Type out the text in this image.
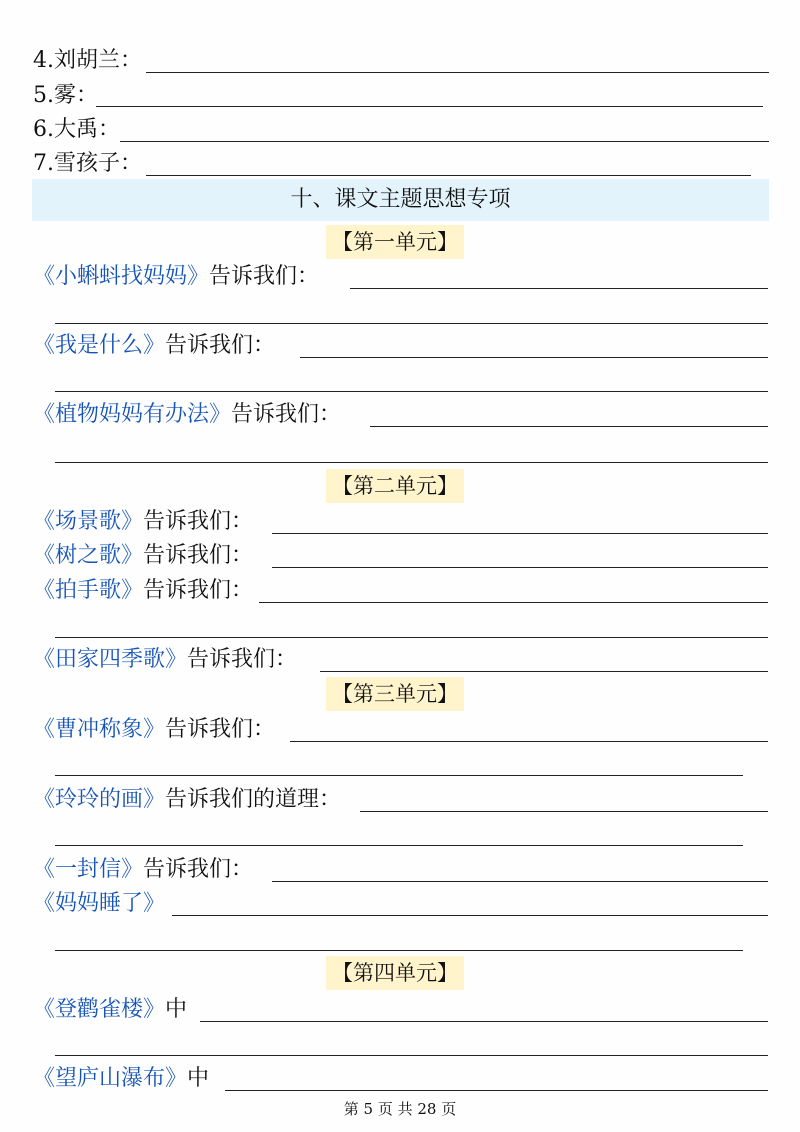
4.刘胡兰：
5.雾：
6.大禹：
7.雪孩子：
十、课文主题思想专项
【第一单元】
《小蝌蚪找妈妈》告诉我们：
《我是什么》告诉我们：
《植物妈妈有办法》告诉我们：
【第二单元】
《场景歌》告诉我们：
《树之歌》告诉我们：
《拍手歌》告诉我们：
《田家四季歌》告诉我们：
【第三单元】
《曹冲称象》告诉我们：
《玲玲的画》告诉我们的道理：
《一封信》告诉我们：
《妈妈睡了》
【第四单元】
《登鹳雀楼》中
《望庐山瀑布》中
第 5 页 共 28 页
